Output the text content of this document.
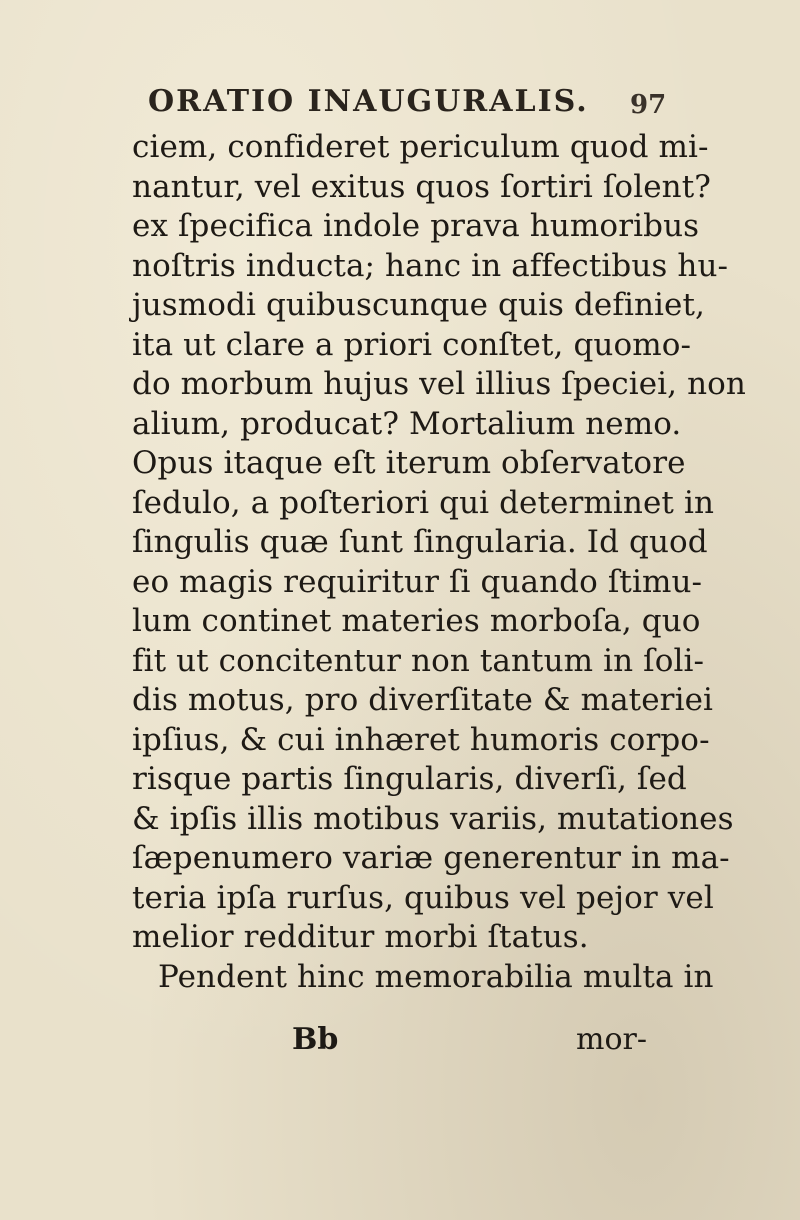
ORATIO INAUGURALIS. 97
ciem, confideret periculum quod mi-
nantur, vel exitus quos ſortiri ſolent?
ex ſpecifica indole prava humoribus
noſtris inducta; hanc in affectibus hu-
jusmodi quibuscunque quis definiet,
ita ut clare a priori conſtet, quomo-
do morbum hujus vel illius ſpeciei, non
alium, producat? Mortalium nemo.
Opus itaque eſt iterum obſervatore
ſedulo, a poſteriori qui determinet in
ſingulis quæ ſunt ſingularia. Id quod
eo magis requiritur ſi quando ſtimu-
lum continet materies morboſa, quo
fit ut concitentur non tantum in ſoli-
dis motus, pro diverſitate & materiei
ipſius, & cui inhæret humoris corpo-
risque partis ſingularis, diverſi, ſed
& ipſis illis motibus variis, mutationes
ſæpenumero variæ generentur in ma-
teria ipſa rurſus, quibus vel pejor vel
melior redditur morbi ſtatus.
Pendent hinc memorabilia multa in
Bb	mor-
